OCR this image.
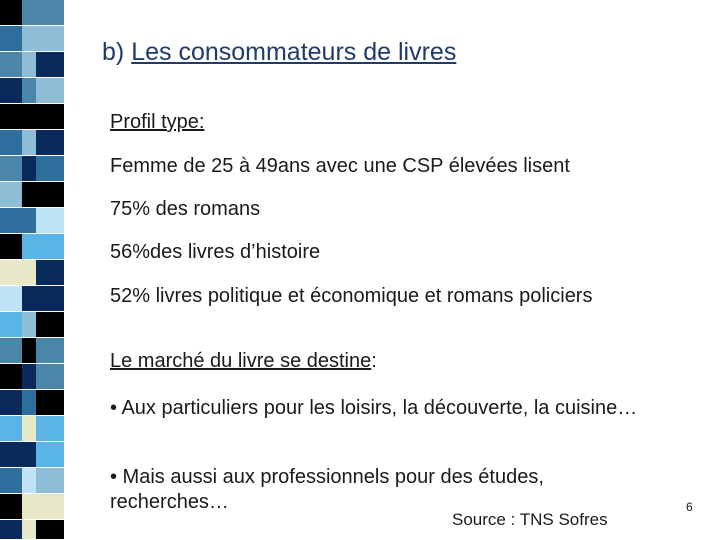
b) Les consommateurs de livres
Profil type:
Femme de 25 à 49ans avec une CSP élevées lisent
75% des romans
56%des livres d’histoire
52% livres politique et économique et romans policiers
Le marché du livre se destine:
• Aux particuliers pour les loisirs, la découverte, la cuisine…
• Mais aussi aux professionnels pour des études, recherches…
Source : TNS Sofres
6
